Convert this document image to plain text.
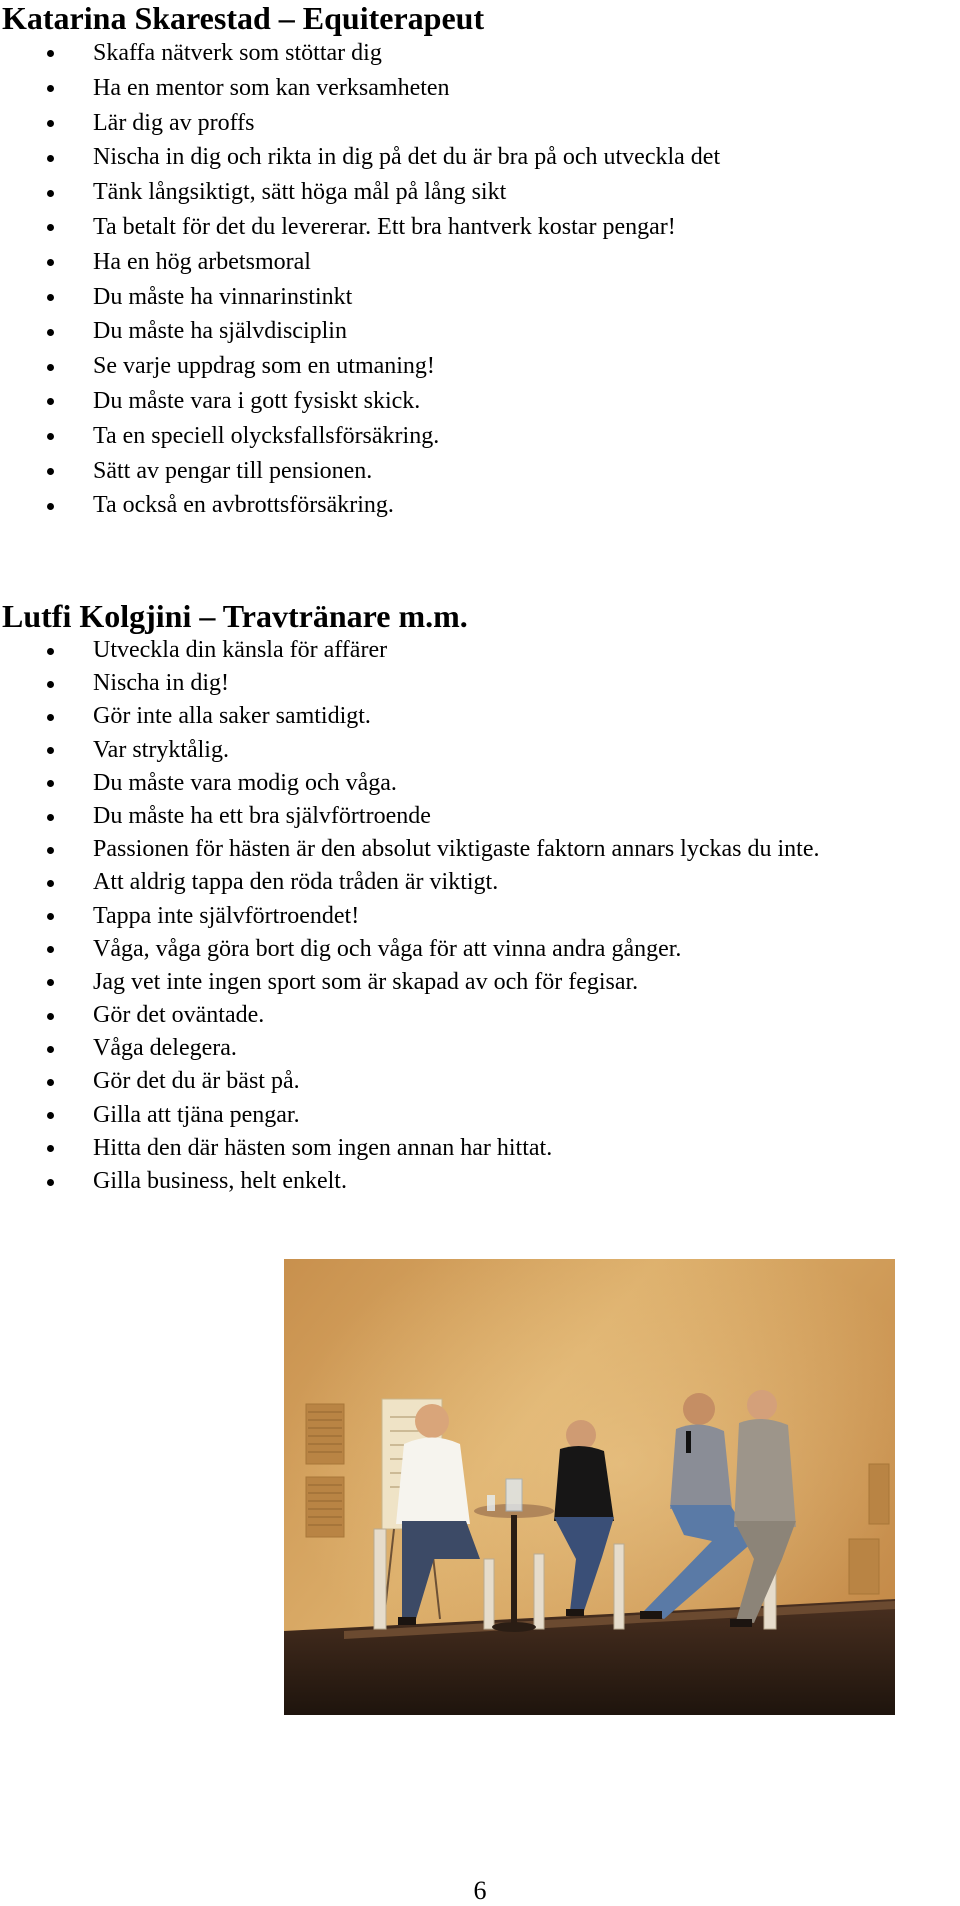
Katarina Skarestad – Equiterapeut
Skaffa nätverk som stöttar dig
Ha en mentor som kan verksamheten
Lär dig av proffs
Nischa in dig och rikta in dig på det du är bra på och utveckla det
Tänk långsiktigt, sätt höga mål på lång sikt
Ta betalt för det du levererar. Ett bra hantverk kostar pengar!
Ha en hög arbetsmoral
Du måste ha vinnarinstinkt
Du måste ha självdisciplin
Se varje uppdrag som en utmaning!
Du måste vara i gott fysiskt skick.
Ta en speciell olycksfallsförsäkring.
Sätt av pengar till pensionen.
Ta också en avbrottsförsäkring.
Lutfi Kolgjini – Travtränare m.m.
Utveckla din känsla för affärer
Nischa in dig!
Gör inte alla saker samtidigt.
Var stryktålig.
Du måste vara modig och våga.
Du måste ha ett bra självförtroende
Passionen för hästen är den absolut viktigaste faktorn annars lyckas du inte.
Att aldrig tappa den röda tråden är viktigt.
Tappa inte självförtroendet!
Våga, våga göra bort dig och våga för att vinna andra gånger.
Jag vet inte ingen sport som är skapad av och för fegisar.
Gör det oväntade.
Våga delegera.
Gör det du är bäst på.
Gilla att tjäna pengar.
Hitta den där hästen som ingen annan har hittat.
Gilla business, helt enkelt.
6
